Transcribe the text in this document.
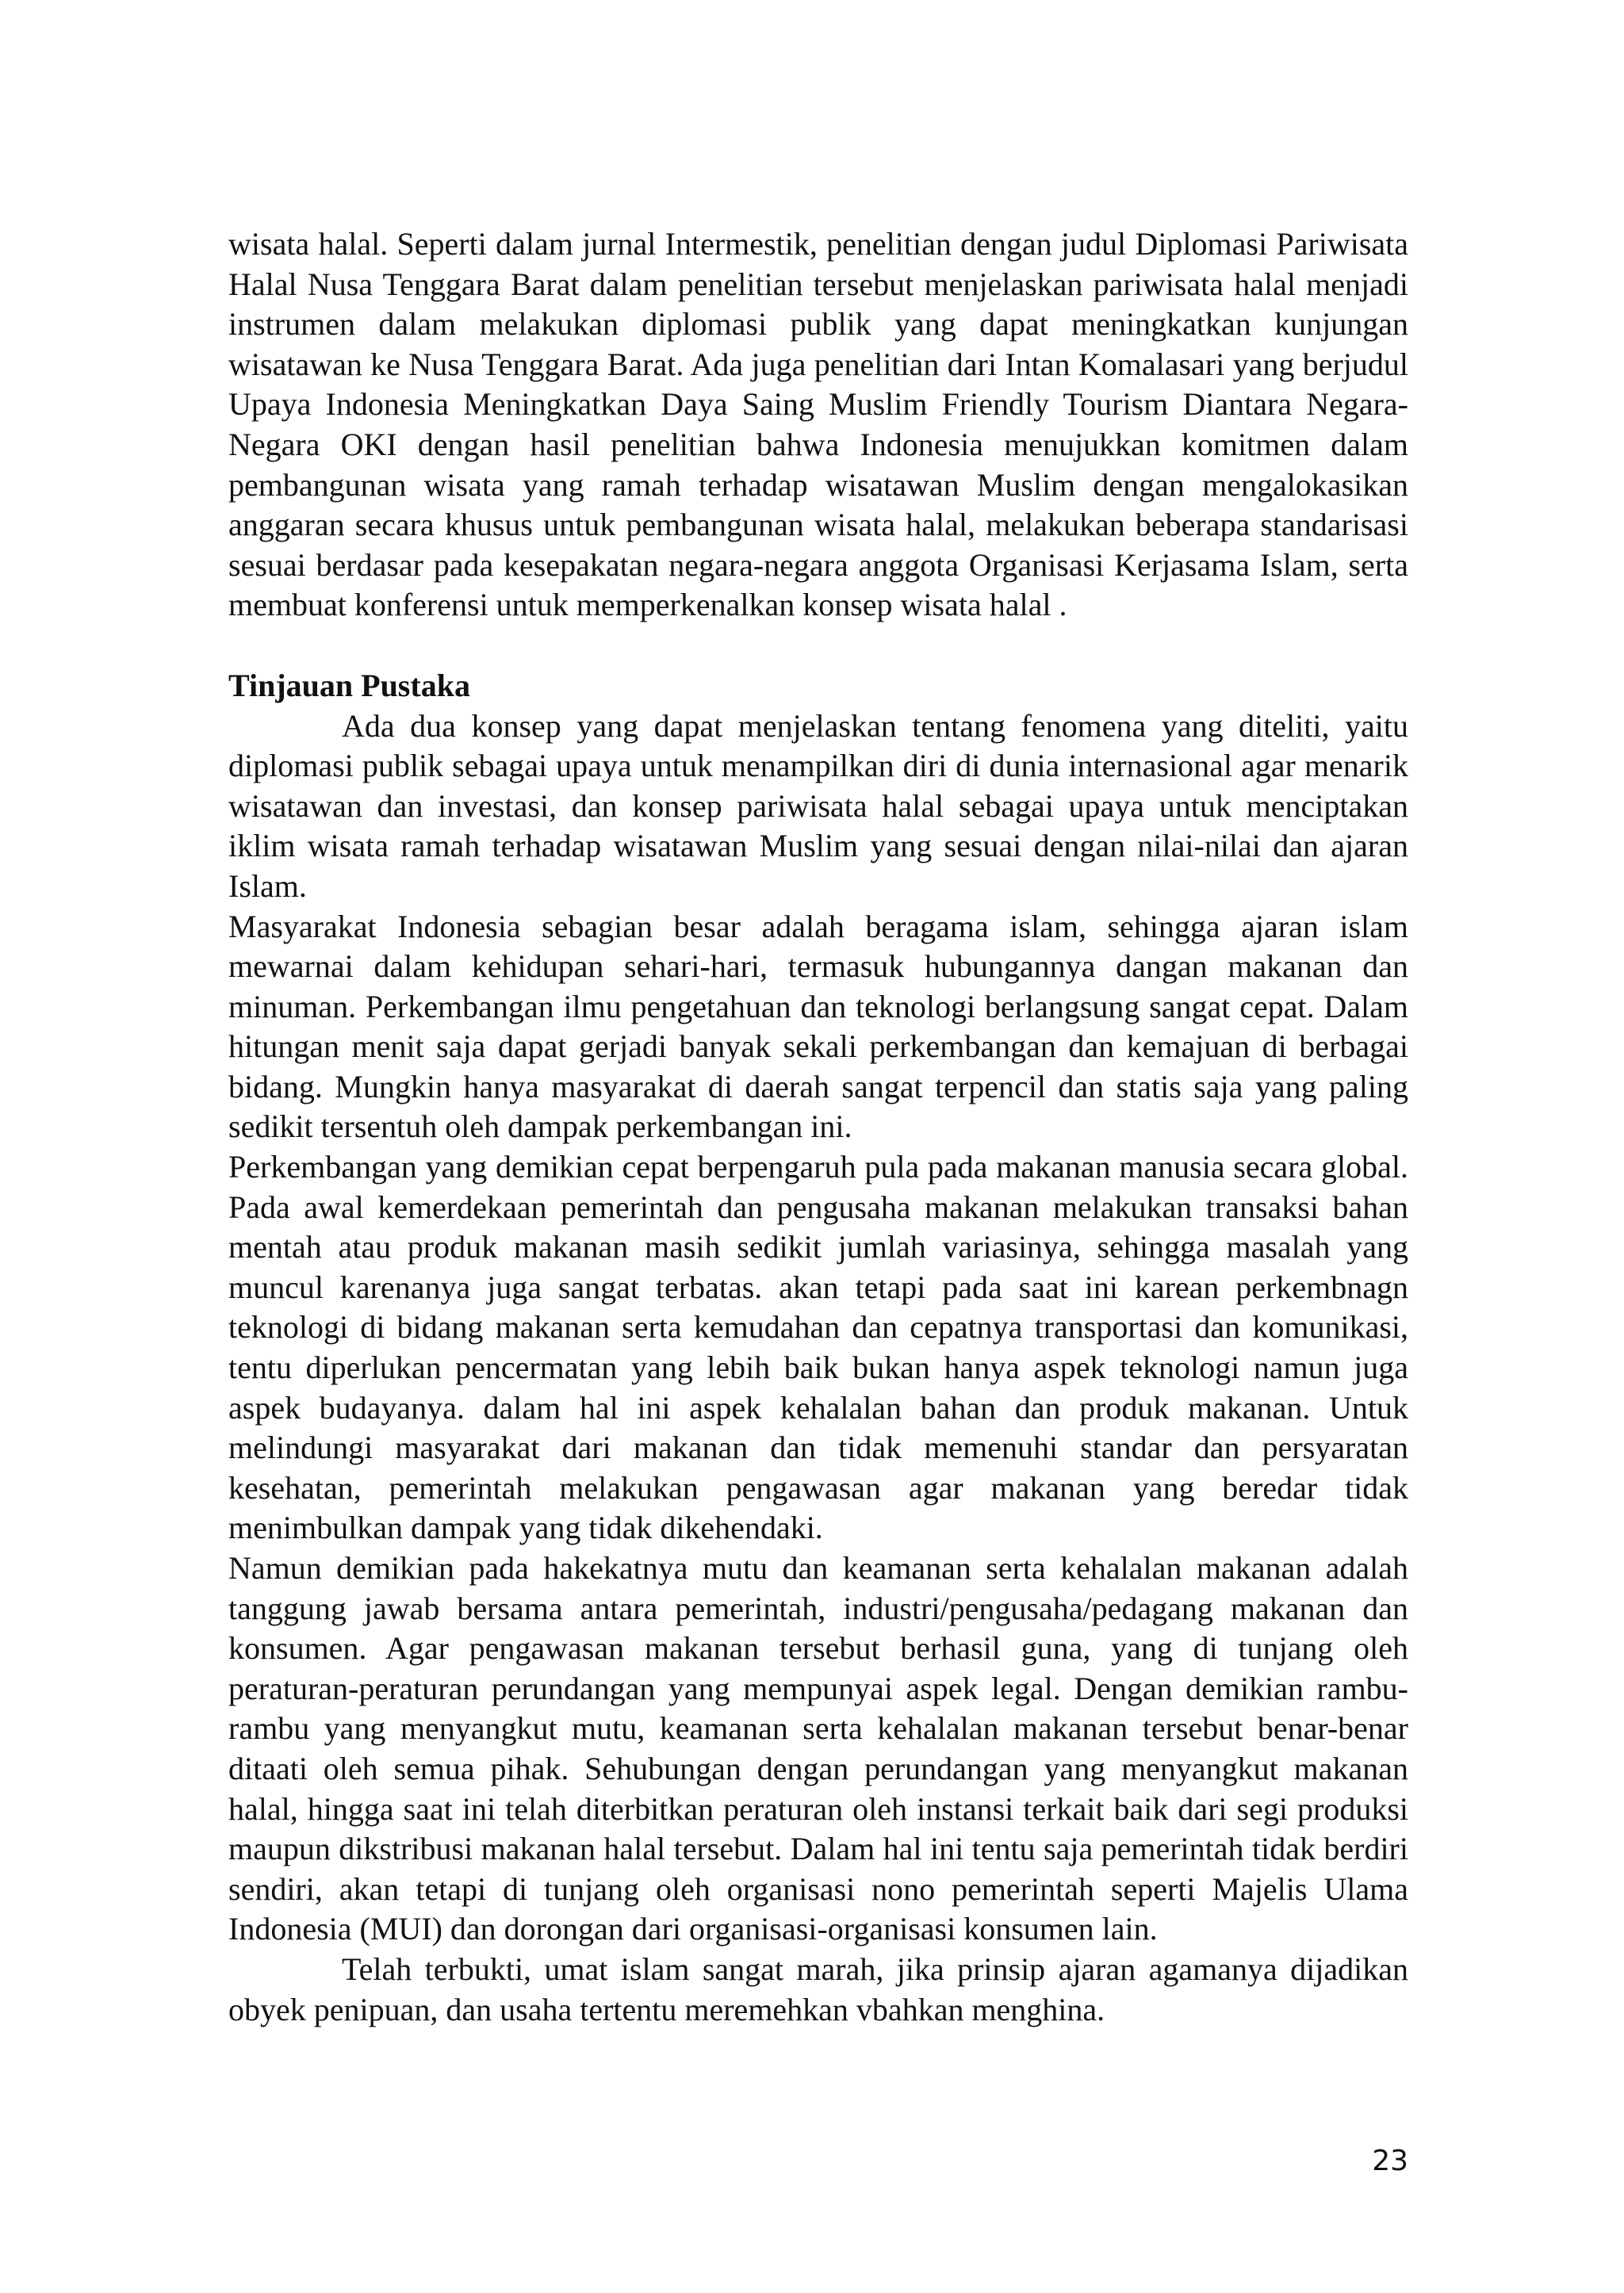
wisata halal. Seperti dalam jurnal Intermestik, penelitian dengan judul Diplomasi Pariwisata Halal Nusa Tenggara Barat dalam penelitian tersebut menjelaskan pariwisata halal menjadi instrumen dalam melakukan diplomasi publik yang dapat meningkatkan kunjungan wisatawan ke Nusa Tenggara Barat. Ada juga penelitian dari Intan Komalasari yang berjudul Upaya Indonesia Meningkatkan Daya Saing Muslim Friendly Tourism Diantara Negara-Negara OKI dengan hasil penelitian bahwa Indonesia menujukkan komitmen dalam pembangunan wisata yang ramah terhadap wisatawan Muslim dengan mengalokasikan anggaran secara khusus untuk pembangunan wisata halal, melakukan beberapa standarisasi sesuai berdasar pada kesepakatan negara-negara anggota Organisasi Kerjasama Islam, serta membuat konferensi untuk memperkenalkan konsep wisata halal .

Tinjauan Pustaka

Ada dua konsep yang dapat menjelaskan tentang fenomena yang diteliti, yaitu diplomasi publik sebagai upaya untuk menampilkan diri di dunia internasional agar menarik wisatawan dan investasi, dan konsep pariwisata halal sebagai upaya untuk menciptakan iklim wisata ramah terhadap wisatawan Muslim yang sesuai dengan nilai-nilai dan ajaran Islam.

Masyarakat Indonesia sebagian besar adalah beragama islam, sehingga ajaran islam mewarnai dalam kehidupan sehari-hari, termasuk hubungannya dangan makanan dan minuman. Perkembangan ilmu pengetahuan dan teknologi berlangsung sangat cepat. Dalam hitungan menit saja dapat gerjadi banyak sekali perkembangan dan kemajuan di berbagai bidang. Mungkin hanya masyarakat di daerah sangat terpencil dan statis saja yang paling sedikit tersentuh oleh dampak perkembangan ini.

Perkembangan yang demikian cepat berpengaruh pula pada makanan manusia secara global. Pada awal kemerdekaan pemerintah dan pengusaha makanan melakukan transaksi bahan mentah atau produk makanan masih sedikit jumlah variasinya, sehingga masalah yang muncul karenanya juga sangat terbatas. akan tetapi pada saat ini karean perkembnagn teknologi di bidang makanan serta kemudahan dan cepatnya transportasi dan komunikasi, tentu diperlukan pencermatan yang lebih baik bukan hanya aspek teknologi namun juga aspek budayanya. dalam hal ini aspek kehalalan bahan dan produk makanan. Untuk melindungi masyarakat dari makanan dan tidak memenuhi standar dan persyaratan kesehatan, pemerintah melakukan pengawasan agar makanan yang beredar tidak menimbulkan dampak yang tidak dikehendaki.

Namun demikian pada hakekatnya mutu dan keamanan serta kehalalan makanan adalah tanggung jawab bersama antara pemerintah, industri/pengusaha/pedagang makanan dan konsumen. Agar pengawasan makanan tersebut berhasil guna, yang di tunjang oleh peraturan-peraturan perundangan yang mempunyai aspek legal. Dengan demikian rambu-rambu yang menyangkut mutu, keamanan serta kehalalan makanan tersebut benar-benar ditaati oleh semua pihak. Sehubungan dengan perundangan yang menyangkut makanan halal, hingga saat ini telah diterbitkan peraturan oleh instansi terkait baik dari segi produksi maupun dikstribusi makanan halal tersebut. Dalam hal ini tentu saja pemerintah tidak berdiri sendiri, akan tetapi di tunjang oleh organisasi nono pemerintah seperti Majelis Ulama Indonesia (MUI) dan dorongan dari organisasi-organisasi konsumen lain.

Telah terbukti, umat islam sangat marah, jika prinsip ajaran agamanya dijadikan obyek penipuan, dan usaha tertentu meremehkan vbahkan menghina.

23
